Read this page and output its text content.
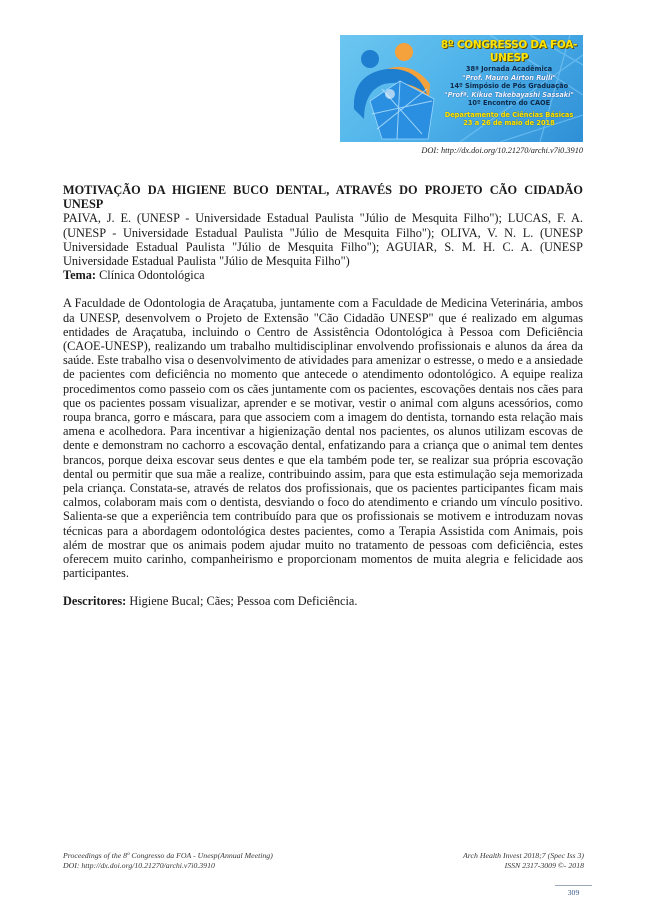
8º CONGRESSO DA FOA-UNESP
38ª Jornada Acadêmica
"Prof. Mauro Airton Rulli"
14º Simpósio de Pós Graduação
"Profª. Kikue Takebayashi Sassaki"
10º Encontro do CAOE
Departamento de Ciências Básicas
23 a 26 de maio de 2018
DOI: http://dx.doi.org/10.21270/archi.v7i0.3910

MOTIVAÇÃO DA HIGIENE BUCO DENTAL, ATRAVÉS DO PROJETO CÃO CIDADÃO UNESP

PAIVA, J. E. (UNESP - Universidade Estadual Paulista "Júlio de Mesquita Filho"); LUCAS, F. A. (UNESP - Universidade Estadual Paulista "Júlio de Mesquita Filho"); OLIVA, V. N. L. (UNESP Universidade Estadual Paulista "Júlio de Mesquita Filho"); AGUIAR, S. M. H. C. A. (UNESP Universidade Estadual Paulista "Júlio de Mesquita Filho")

Tema: Clínica Odontológica

A Faculdade de Odontologia de Araçatuba, juntamente com a Faculdade de Medicina Veterinária, ambos da UNESP, desenvolvem o Projeto de Extensão "Cão Cidadão UNESP" que é realizado em algumas entidades de Araçatuba, incluindo o Centro de Assistência Odontológica à Pessoa com Deficiência (CAOE-UNESP), realizando um trabalho multidisciplinar envolvendo profissionais e alunos da área da saúde. Este trabalho visa o desenvolvimento de atividades para amenizar o estresse, o medo e a ansiedade de pacientes com deficiência no momento que antecede o atendimento odontológico. A equipe realiza procedimentos como passeio com os cães juntamente com os pacientes, escovações dentais nos cães para que os pacientes possam visualizar, aprender e se motivar, vestir o animal com alguns acessórios, como roupa branca, gorro e máscara, para que associem com a imagem do dentista, tornando esta relação mais amena e acolhedora. Para incentivar a higienização dental nos pacientes, os alunos utilizam escovas de dente e demonstram no cachorro a escovação dental, enfatizando para a criança que o animal tem dentes brancos, porque deixa escovar seus dentes e que ela também pode ter, se realizar sua própria escovação dental ou permitir que sua mãe a realize, contribuindo assim, para que esta estimulação seja memorizada pela criança. Constata-se, através de relatos dos profissionais, que os pacientes participantes ficam mais calmos, colaboram mais com o dentista, desviando o foco do atendimento e criando um vínculo positivo. Salienta-se que a experiência tem contribuído para que os profissionais se motivem e introduzam novas técnicas para a abordagem odontológica destes pacientes, como a Terapia Assistida com Animais, pois além de mostrar que os animais podem ajudar muito no tratamento de pessoas com deficiência, estes oferecem muito carinho, companheirismo e proporcionam momentos de muita alegria e felicidade aos participantes.

Descritores: Higiene Bucal; Cães; Pessoa com Deficiência.

Proceedings of the 8º Congresso da FOA - Unesp(Annual Meeting)
DOI: http://dx.doi.org/10.21270/archi.v7i0.3910
Arch Health Invest 2018;7 (Spec Iss 3)
ISSN 2317-3009 ©- 2018
309
